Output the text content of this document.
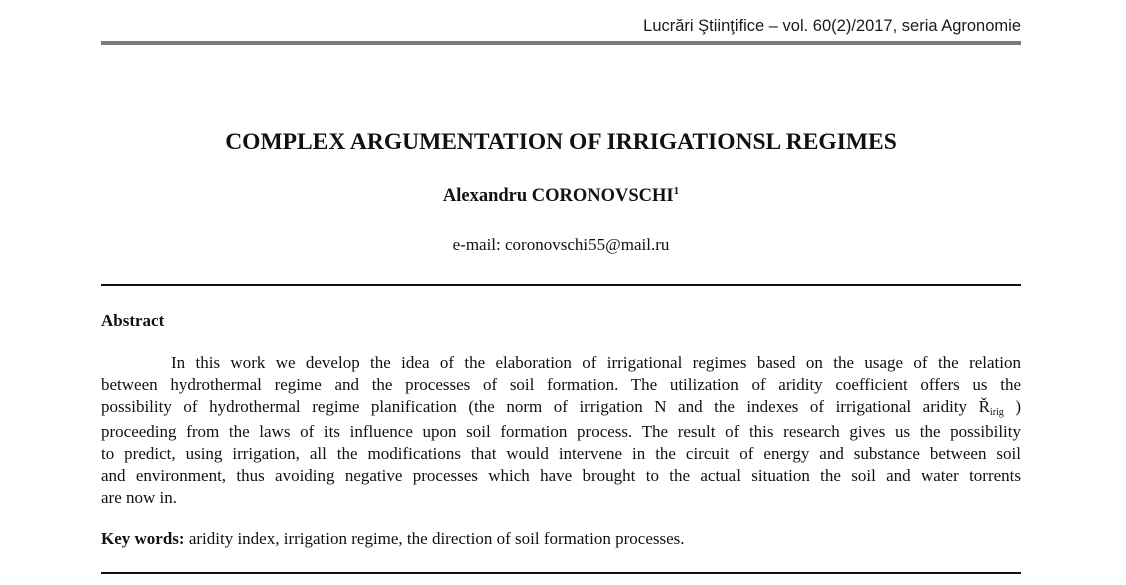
Lucrări Ştiinţifice – vol. 60(2)/2017, seria Agronomie
COMPLEX ARGUMENTATION OF IRRIGATIONSL REGIMES
Alexandru CORONOVSCHI$^1$
e-mail: coronovschi55@mail.ru
Abstract
In this work we develop the idea of the elaboration of irrigational regimes based on the usage of the relation
between hydrothermal regime and the processes of soil formation. The utilization of aridity coefficient offers us the
possibility of hydrothermal regime planification (the norm of irrigation N and the indexes of irrigational aridity $Ř_{irig}$ )
proceeding from the laws of its influence upon soil formation process. The result of this research gives us the possibility
to predict, using irrigation, all the modifications that would intervene in the circuit of energy and substance between soil
and environment, thus avoiding negative processes which have brought to the actual situation the soil and water torrents
are now in.
Key words: aridity index, irrigation regime, the direction of soil formation processes.
